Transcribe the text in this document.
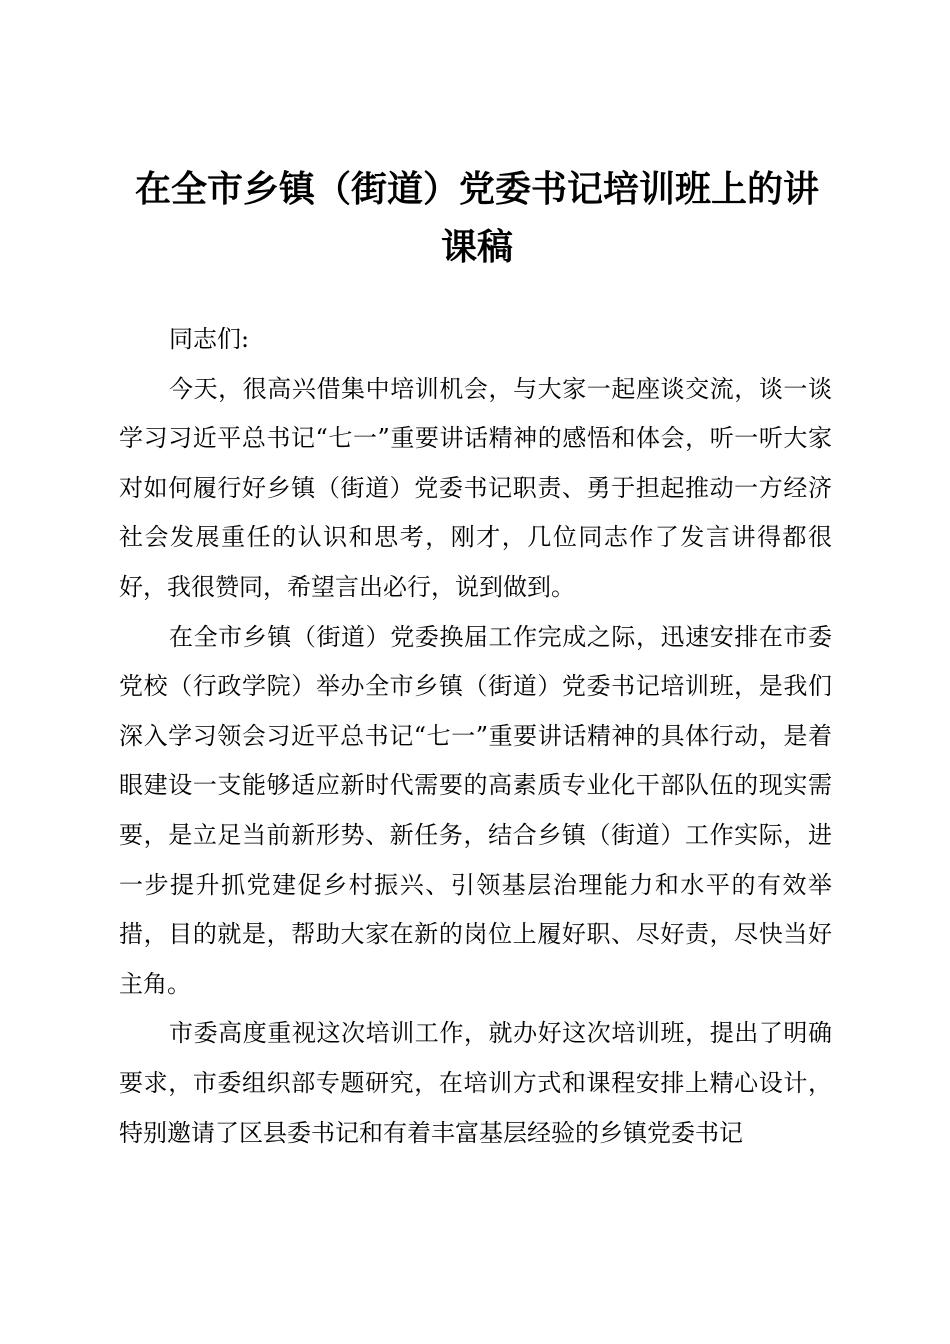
在全市乡镇（街道）党委书记培训班上的讲课稿

同志们:

今天，很高兴借集中培训机会，与大家一起座谈交流，谈一谈学习习近平总书记“七一”重要讲话精神的感悟和体会，听一听大家对如何履行好乡镇（街道）党委书记职责、勇于担起推动一方经济社会发展重任的认识和思考，刚才，几位同志作了发言讲得都很好，我很赞同，希望言出必行，说到做到。

在全市乡镇（街道）党委换届工作完成之际，迅速安排在市委党校（行政学院）举办全市乡镇（街道）党委书记培训班，是我们深入学习领会习近平总书记“七一”重要讲话精神的具体行动，是着眼建设一支能够适应新时代需要的高素质专业化干部队伍的现实需要，是立足当前新形势、新任务，结合乡镇（街道）工作实际，进一步提升抓党建促乡村振兴、引领基层治理能力和水平的有效举措，目的就是，帮助大家在新的岗位上履好职、尽好责，尽快当好主角。

市委高度重视这次培训工作，就办好这次培训班，提出了明确要求，市委组织部专题研究，在培训方式和课程安排上精心设计，特别邀请了区县委书记和有着丰富基层经验的乡镇党委书记
